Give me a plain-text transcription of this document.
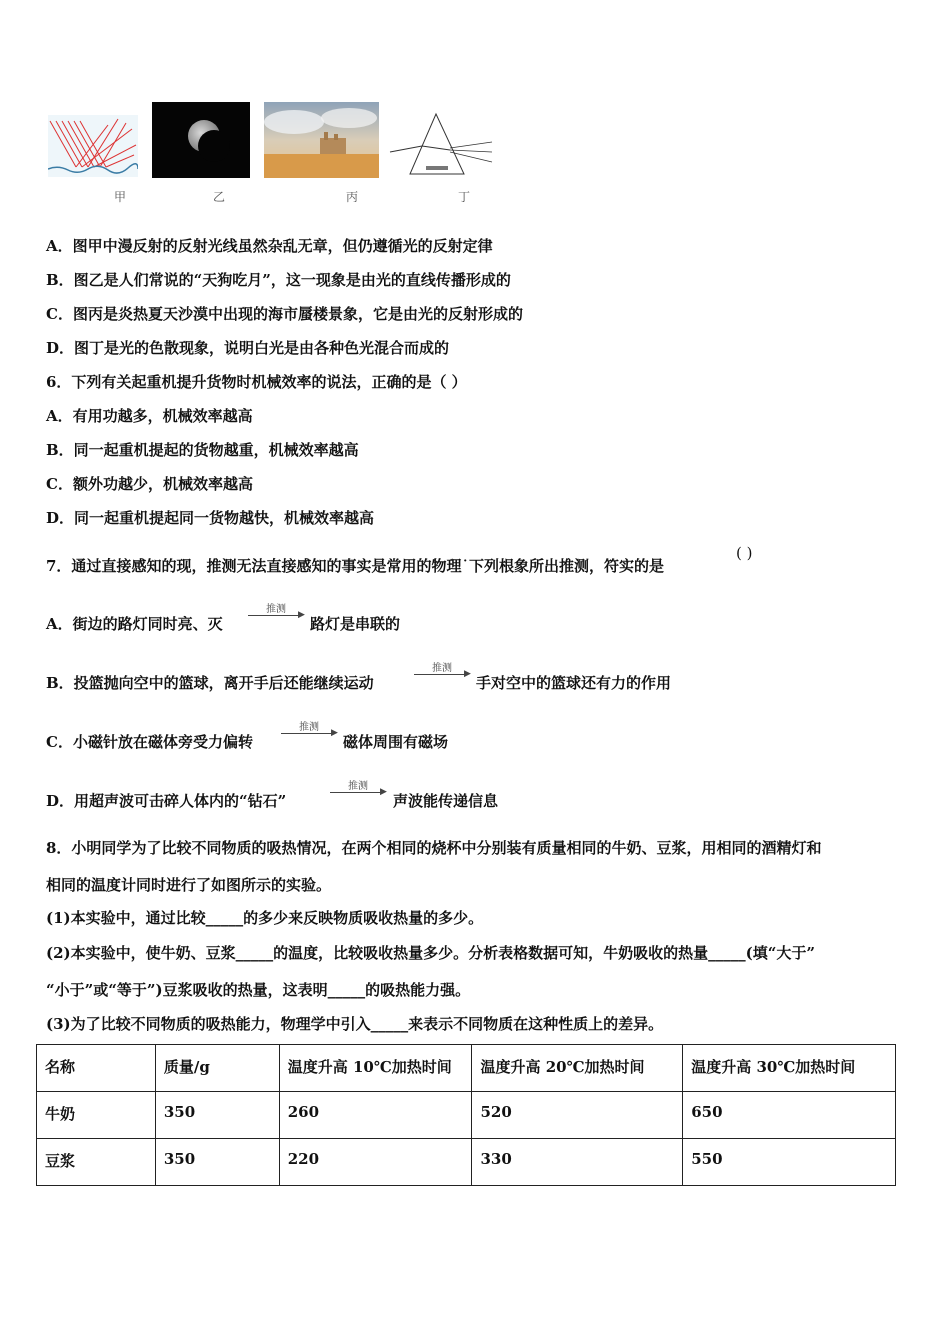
甲	乙	丙	丁
A．图甲中漫反射的反射光线虽然杂乱无章，但仍遵循光的反射定律
B．图乙是人们常说的“天狗吃月”，这一现象是由光的直线传播形成的
C．图丙是炎热夏天沙漠中出现的海市蜃楼景象，它是由光的反射形成的
D．图丁是光的色散现象，说明白光是由各种色光混合而成的
6．下列有关起重机提升货物时机械效率的说法，正确的是（ ）
A．有用功越多，机械效率越高
B．同一起重机提起的货物越重，机械效率越高
C．额外功越少，机械效率越高
D．同一起重机提起同一货物越快，机械效率越高
7．通过直接感知的现，推测无法直接感知的事实是常用的物理˙下列根象所出推测，符实的是
( )
A．街边的路灯同时亮、灭
推测	▶ 路灯是串联的
B．投篮抛向空中的篮球，离开手后还能继续运动
推测	▶ 手对空中的篮球还有力的作用
C．小磁针放在磁体旁受力偏转
推测	▶ 磁体周围有磁场
D．用超声波可击碎人体内的“钻石”
推测	▶ 声波能传递信息
8．小明同学为了比较不同物质的吸热情况，在两个相同的烧杯中分别装有质量相同的牛奶、豆浆，用相同的酒精灯和
相同的温度计同时进行了如图所示的实验。
(1)本实验中，通过比较_____的多少来反映物质吸收热量的多少。
(2)本实验中，使牛奶、豆浆_____的温度，比较吸收热量多少。分析表格数据可知，牛奶吸收的热量_____(填“大于”
“小于”或“等于”)豆浆吸收的热量，这表明_____的吸热能力强。
(3)为了比较不同物质的吸热能力，物理学中引入_____来表示不同物质在这种性质上的差异。
名称	质量/g	温度升高 10℃加热时间	温度升高 20℃加热时间	温度升高 30℃加热时间
牛奶	350	260	520	650
豆浆	350	220	330	550
